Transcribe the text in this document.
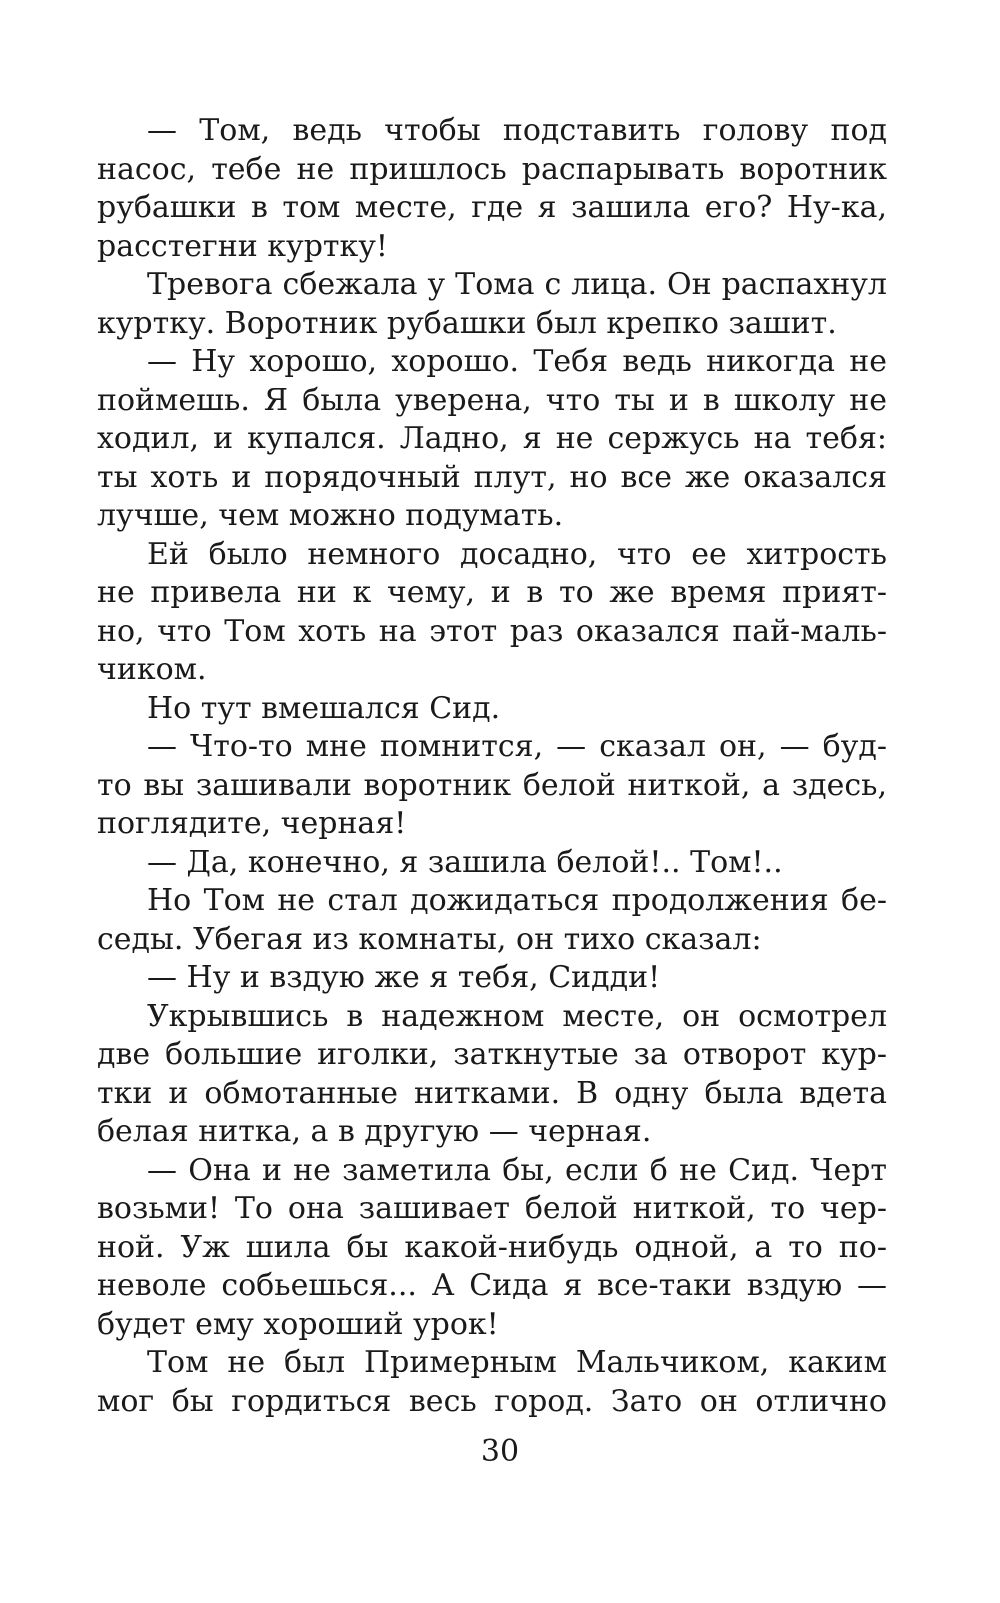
— Том, ведь чтобы подставить голову под
насос, тебе не пришлось распарывать воротник
рубашки в том месте, где я зашила его? Ну-ка,
расстегни куртку!
Тревога сбежала у Тома с лица. Он распахнул
куртку. Воротник рубашки был крепко зашит.
— Ну хорошо, хорошо. Тебя ведь никогда не
поймешь. Я была уверена, что ты и в школу не
ходил, и купался. Ладно, я не сержусь на тебя:
ты хоть и порядочный плут, но все же оказался
лучше, чем можно подумать.
Ей было немного досадно, что ее хитрость
не привела ни к чему, и в то же время прият-
но, что Том хоть на этот раз оказался пай-маль-
чиком.
Но тут вмешался Сид.
— Что-то мне помнится, — сказал он, — буд-
то вы зашивали воротник белой ниткой, а здесь,
поглядите, черная!
— Да, конечно, я зашила белой!.. Том!..
Но Том не стал дожидаться продолжения бе-
седы. Убегая из комнаты, он тихо сказал:
— Ну и вздую же я тебя, Сидди!
Укрывшись в надежном месте, он осмотрел
две большие иголки, заткнутые за отворот кур-
тки и обмотанные нитками. В одну была вдета
белая нитка, а в другую — черная.
— Она и не заметила бы, если б не Сид. Черт
возьми! То она зашивает белой ниткой, то чер-
ной. Уж шила бы какой-нибудь одной, а то по-
неволе собьешься... А Сида я все-таки вздую —
будет ему хороший урок!
Том не был Примерным Мальчиком, каким
мог бы гордиться весь город. Зато он отлично
30
